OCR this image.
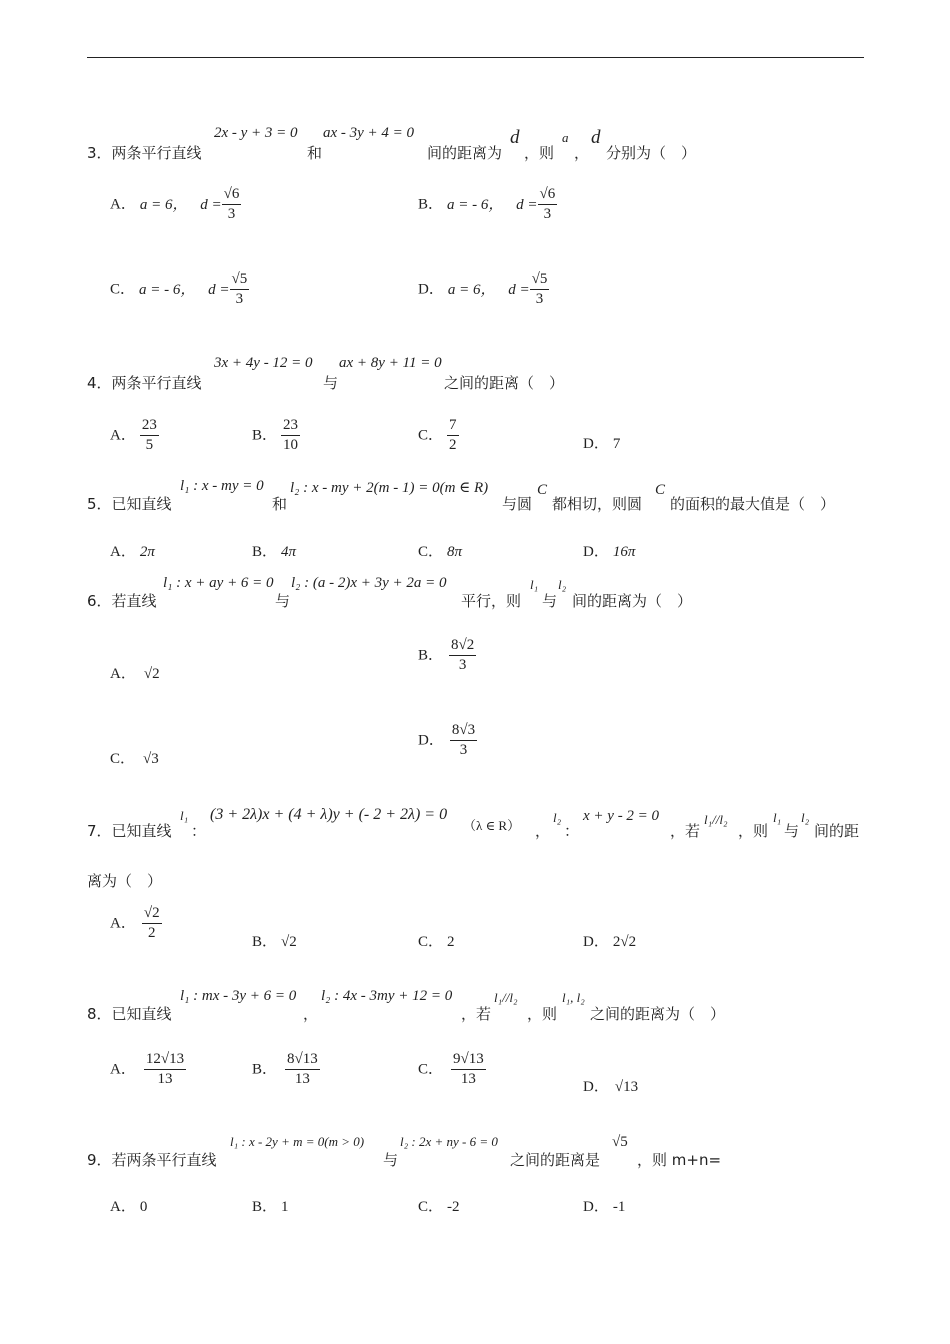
3．两条平行直线
2x - y + 3 = 0
和
ax - 3y + 4 = 0
间的距离为
d
，则
a
，
d
分别为（　）
A． a = 6， $d = \frac{√6}{3}$	B． a = - 6， $d = \frac{√6}{3}$
C． a = - 6， $d = \frac{√5}{3}$	D． a = 6， $d = \frac{√5}{3}$
4．两条平行直线
3x + 4y - 12 = 0
与
ax + 8y + 11 = 0
之间的距离（　）
A． $\frac{23}{5}$	B． $\frac{23}{10}$	C． $\frac{7}{2}$	D． 7
5．已知直线
l₁ : x - my = 0
和
l₂ : x - my + 2(m - 1) = 0(m ∈ R)
与圆
C
都相切，则圆
C
的面积的最大值是（　）
A． 2π	B． 4π	C． 8π	D． 16π
6．若直线
l₁ : x + ay + 6 = 0
与
l₂ : (a - 2)x + 3y + 2a = 0
平行，则
l₁
与
l₂
间的距离为（　）
A． √2
B． $\frac{8√2}{3}$
C． √3
D． $\frac{8√3}{3}$
7．已知直线
l₁
：
(3 + 2λ)x + (4 + λ)y + (- 2 + 2λ) = 0
（λ ∈ R） ，
l₂
：
x + y - 2 = 0
，若
l₁//l₂
，则
l₁
与
l₂
间的距
离为（　）
A． $\frac{√2}{2}$	B． √2	C． 2	D． 2√2
8．已知直线
l₁ : mx - 3y + 6 = 0
，
l₂ : 4x - 3my + 12 = 0
，若
l₁//l₂
，则
l₁, l₂
之间的距离为（　）
A． $\frac{12√13}{13}$	B． $\frac{8√13}{13}$	C． $\frac{9√13}{13}$	D． √13
9．若两条平行直线
l₁ : x - 2y + m = 0(m > 0)
与
l₂ : 2x + ny - 6 = 0
之间的距离是
√5
，则 m+n=
A． 0	B． 1	C． -2	D． -1
